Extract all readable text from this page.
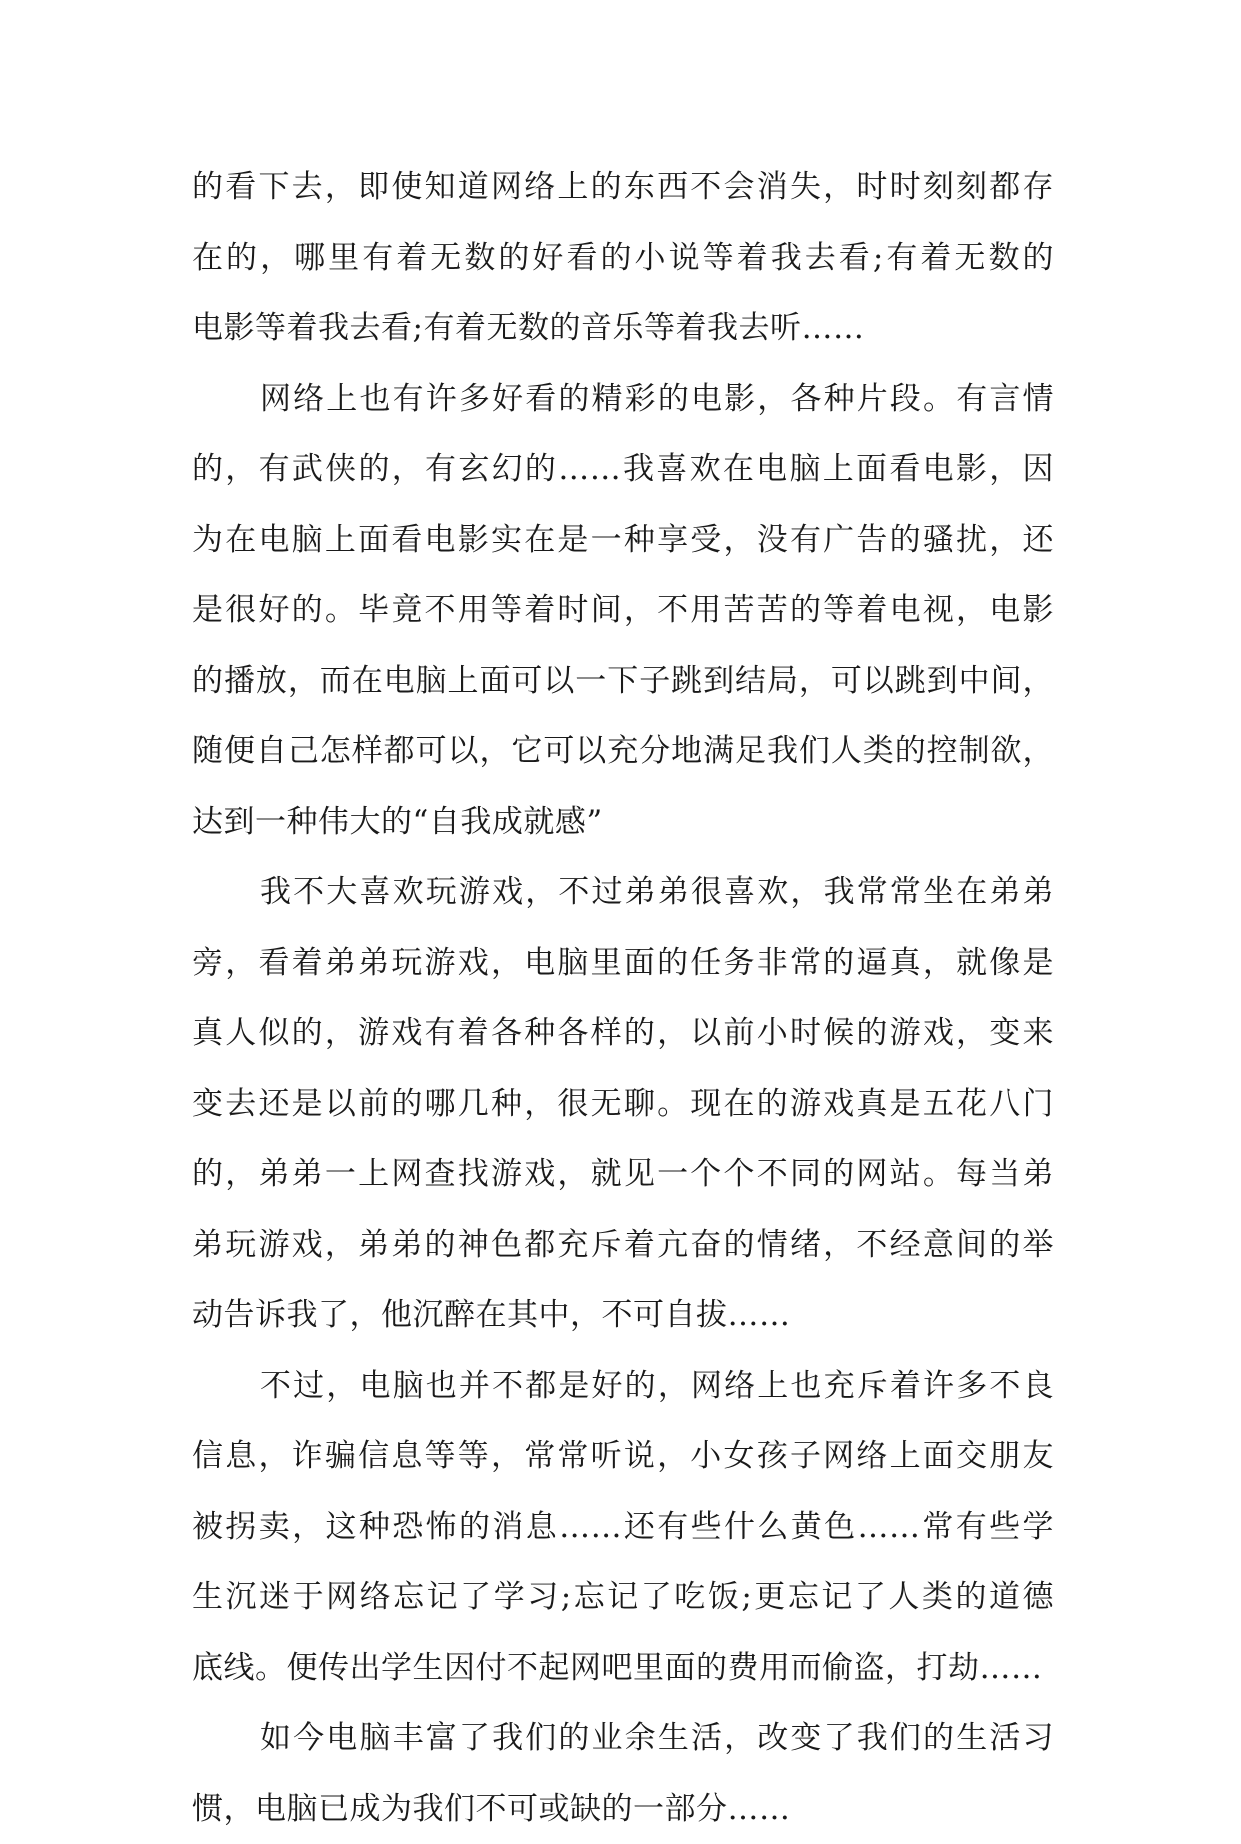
的看下去，即使知道网络上的东西不会消失，时时刻刻都存
在的，哪里有着无数的好看的小说等着我去看;有着无数的
电影等着我去看;有着无数的音乐等着我去听……
网络上也有许多好看的精彩的电影，各种片段。有言情
的，有武侠的，有玄幻的……我喜欢在电脑上面看电影，因
为在电脑上面看电影实在是一种享受，没有广告的骚扰，还
是很好的。毕竟不用等着时间，不用苦苦的等着电视，电影
的播放，而在电脑上面可以一下子跳到结局，可以跳到中间，
随便自己怎样都可以，它可以充分地满足我们人类的控制欲，
达到一种伟大的“自我成就感”
我不大喜欢玩游戏，不过弟弟很喜欢，我常常坐在弟弟
旁，看着弟弟玩游戏，电脑里面的任务非常的逼真，就像是
真人似的，游戏有着各种各样的，以前小时候的游戏，变来
变去还是以前的哪几种，很无聊。现在的游戏真是五花八门
的，弟弟一上网查找游戏，就见一个个不同的网站。每当弟
弟玩游戏，弟弟的神色都充斥着亢奋的情绪，不经意间的举
动告诉我了，他沉醉在其中，不可自拔……
不过，电脑也并不都是好的，网络上也充斥着许多不良
信息，诈骗信息等等，常常听说，小女孩子网络上面交朋友
被拐卖，这种恐怖的消息……还有些什么黄色……常有些学
生沉迷于网络忘记了学习;忘记了吃饭;更忘记了人类的道德
底线。便传出学生因付不起网吧里面的费用而偷盗，打劫……
如今电脑丰富了我们的业余生活，改变了我们的生活习
惯，电脑已成为我们不可或缺的一部分……
